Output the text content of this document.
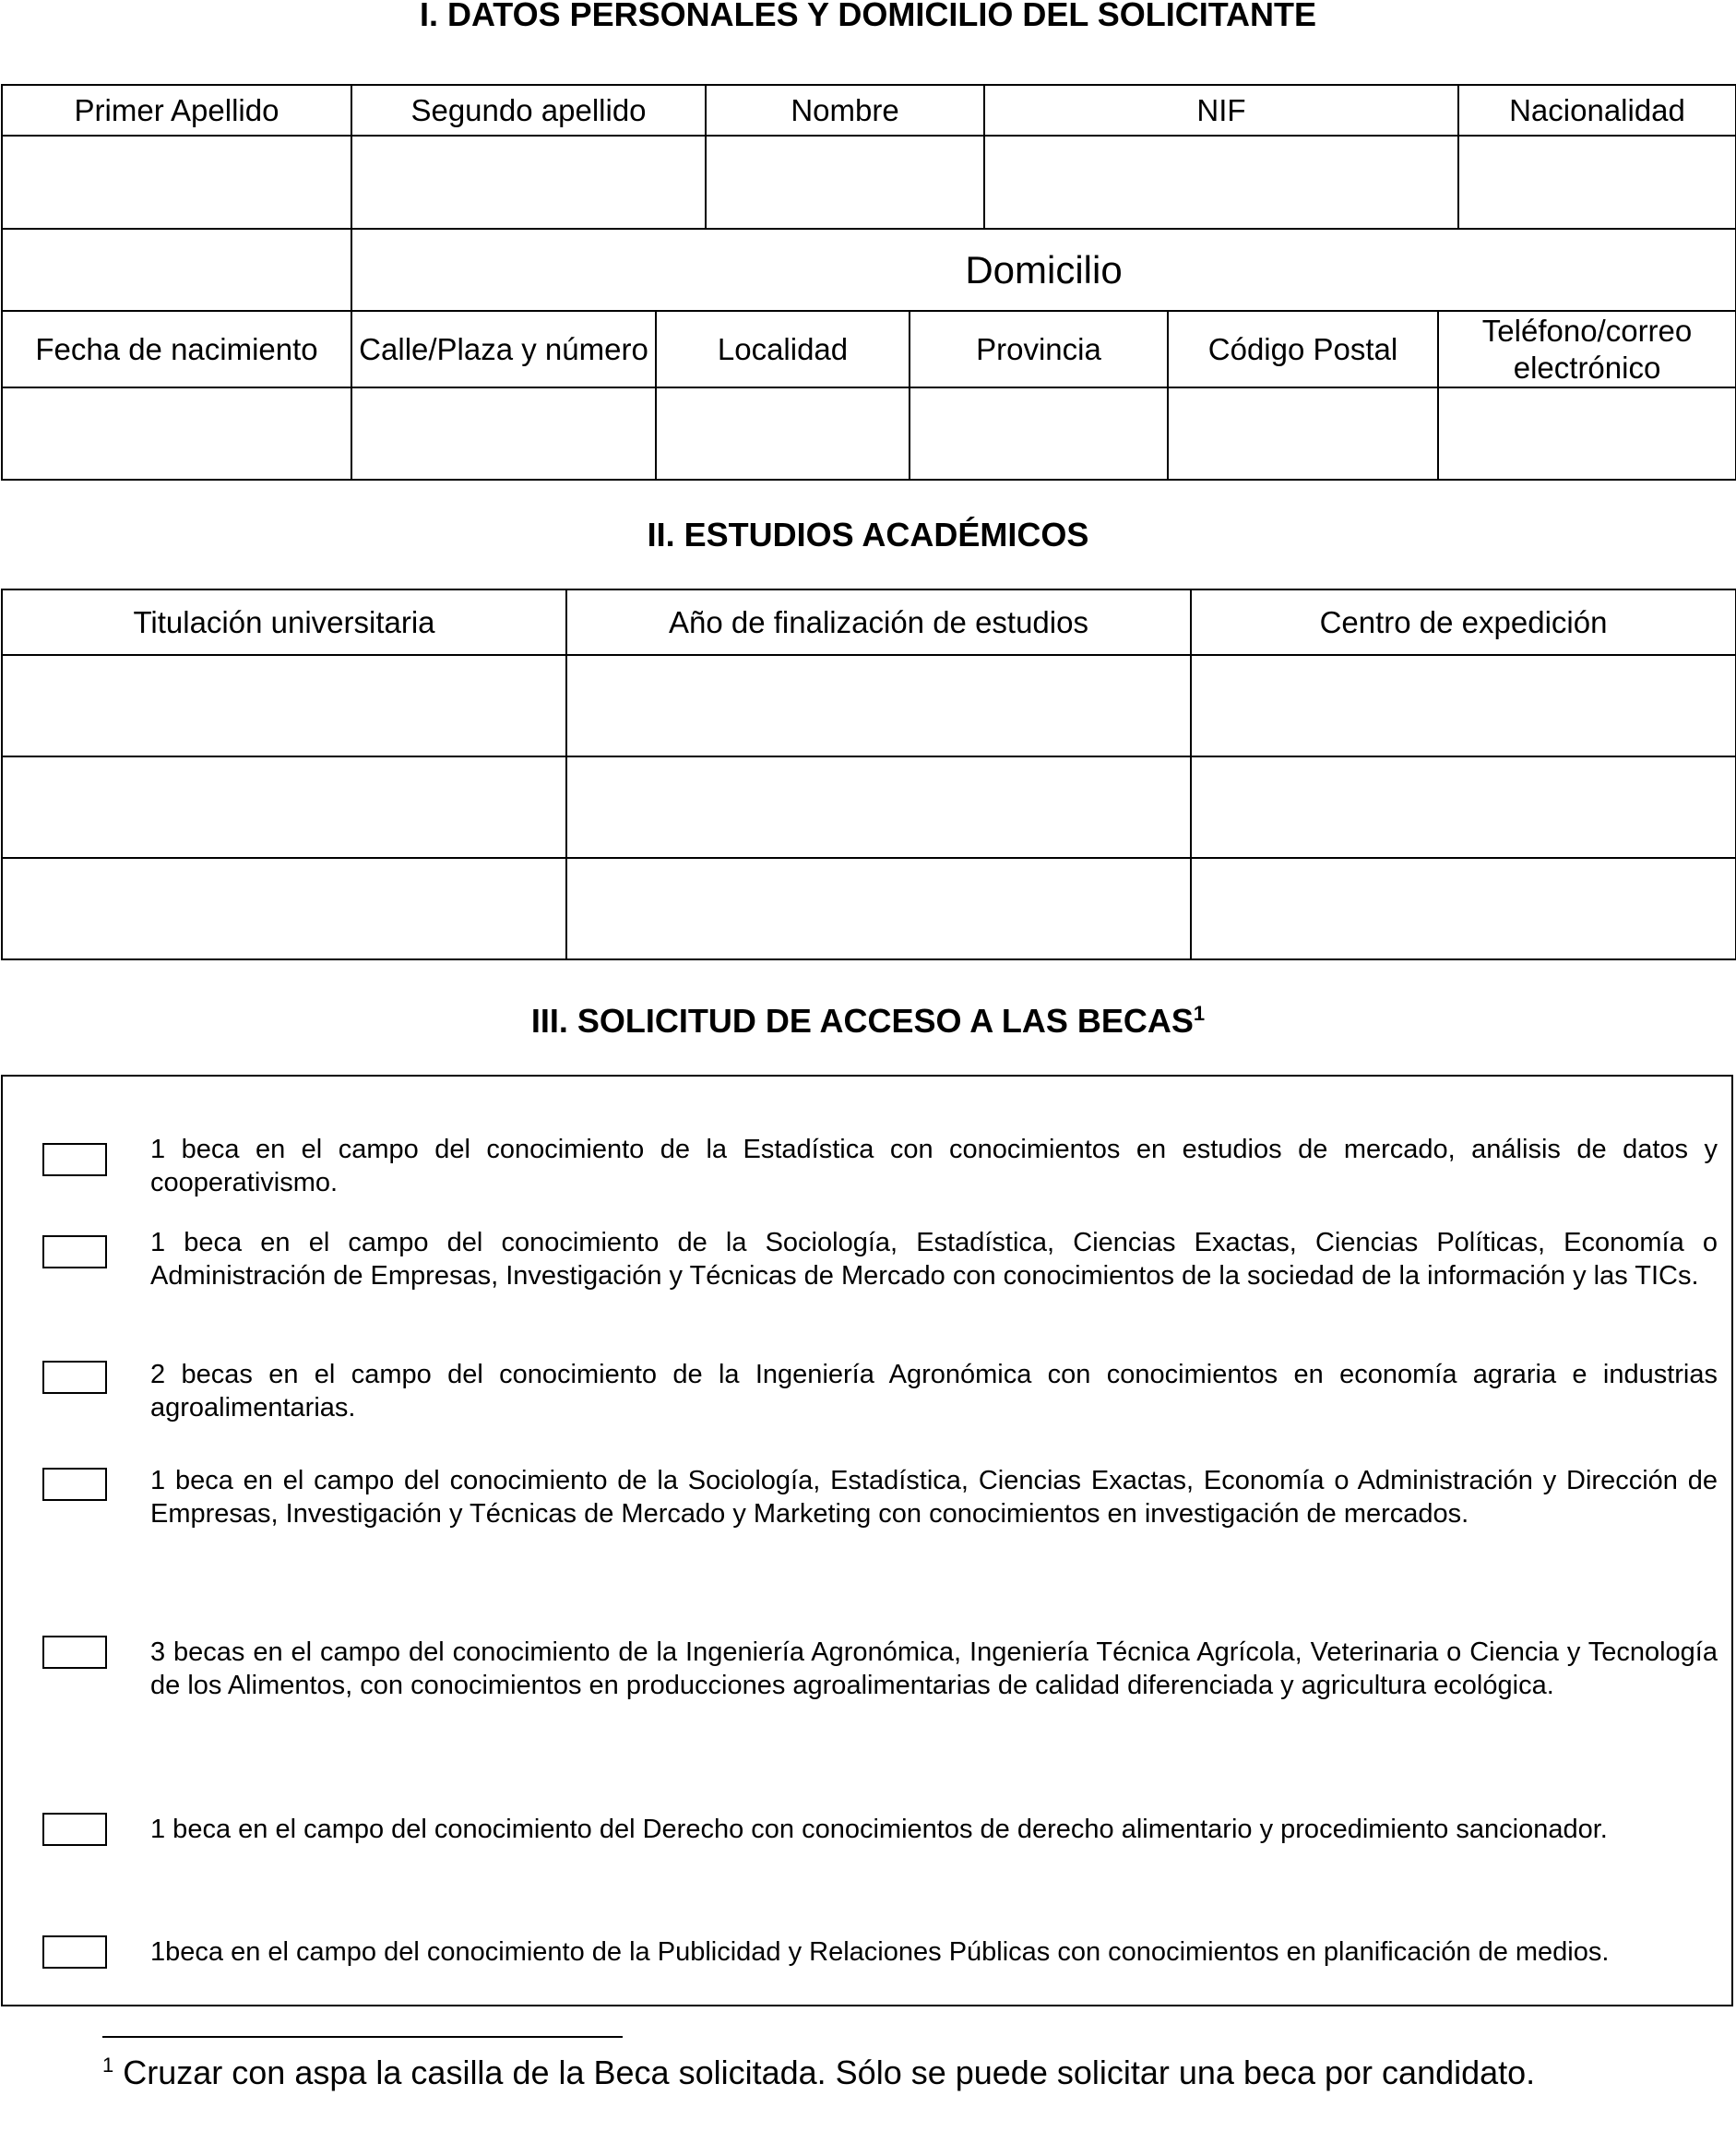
I. DATOS PERSONALES Y DOMICILIO DEL SOLICITANTE
Primer Apellido	Segundo apellido	Nombre	NIF	Nacionalidad

	Domicilio				
Fecha de nacimiento	Calle/Plaza y número	Localidad	Provincia	Código Postal	Teléfono/correo electrónico

II. ESTUDIOS ACADÉMICOS
Titulación universitaria	Año de finalización de estudios	Centro de expedición

III. SOLICITUD DE ACCESO A LAS BECAS$^1$
1 beca en el campo del conocimiento de la Estadística con conocimientos en estudios de mercado, análisis de datos y cooperativismo.
1 beca en el campo del conocimiento de la Sociología, Estadística, Ciencias Exactas, Ciencias Políticas, Economía o Administración de Empresas, Investigación y Técnicas de Mercado con conocimientos de la sociedad de la información y las TICs.
2 becas en el campo del conocimiento de la Ingeniería Agronómica con conocimientos en economía agraria e industrias agroalimentarias.
1 beca en el campo del conocimiento de la Sociología, Estadística, Ciencias Exactas, Economía o Administración y Dirección de Empresas, Investigación y Técnicas de Mercado y Marketing con conocimientos en investigación de mercados.
3 becas en el campo del conocimiento de la Ingeniería Agronómica, Ingeniería Técnica Agrícola, Veterinaria o Ciencia y Tecnología de los Alimentos, con conocimientos en producciones agroalimentarias de calidad diferenciada y agricultura ecológica.
1 beca en el campo del conocimiento del Derecho con conocimientos de derecho alimentario y procedimiento sancionador.
1beca en el campo del conocimiento de la Publicidad y Relaciones Públicas con conocimientos en planificación de medios.
$^1$ Cruzar con aspa la casilla de la Beca solicitada. Sólo se puede solicitar una beca por candidato.
